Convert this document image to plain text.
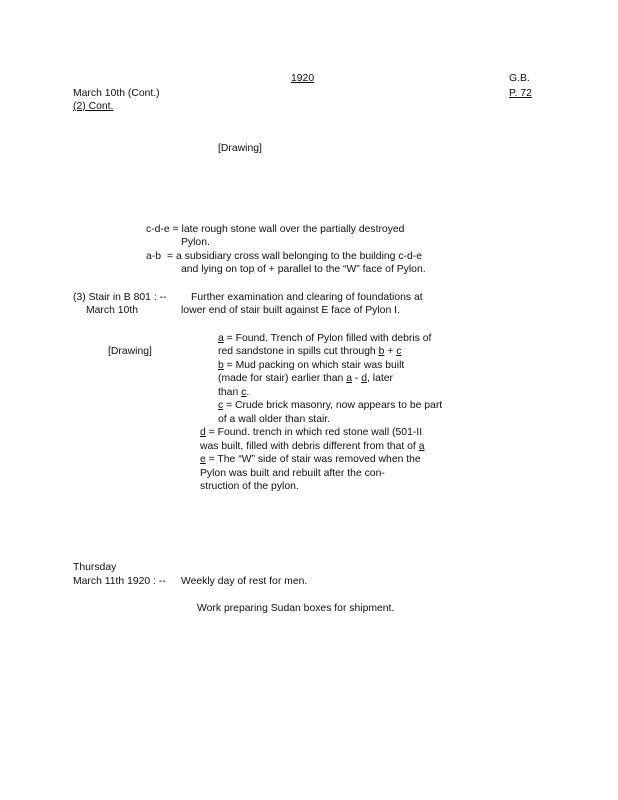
1920	G.B.
P. 72
March 10th (Cont.)
(2) Cont.
[Drawing]
c-d-e = late rough stone wall over the partially destroyed
Pylon.
a-b = a subsidiary cross wall belonging to the building c-d-e
and lying on top of + parallel to the “W” face of Pylon.
(3) Stair in B 801 : --
March 10th
Further examination and clearing of foundations at
lower end of stair built against E face of Pylon I.
[Drawing]
a = Found. Trench of Pylon filled with debris of
red sandstone in spills cut through b + c
b = Mud packing on which stair was built
(made for stair) earlier than a - d, later
than c.
c = Crude brick masonry, now appears to be part
of a wall older than stair.
d = Found. trench in which red stone wall (501-II
was built, filled with debris different from that of a
e = The “W” side of stair was removed when the
Pylon was built and rebuilt after the con-
struction of the pylon.
Thursday
March 11th 1920 : -- Weekly day of rest for men.
Work preparing Sudan boxes for shipment.
